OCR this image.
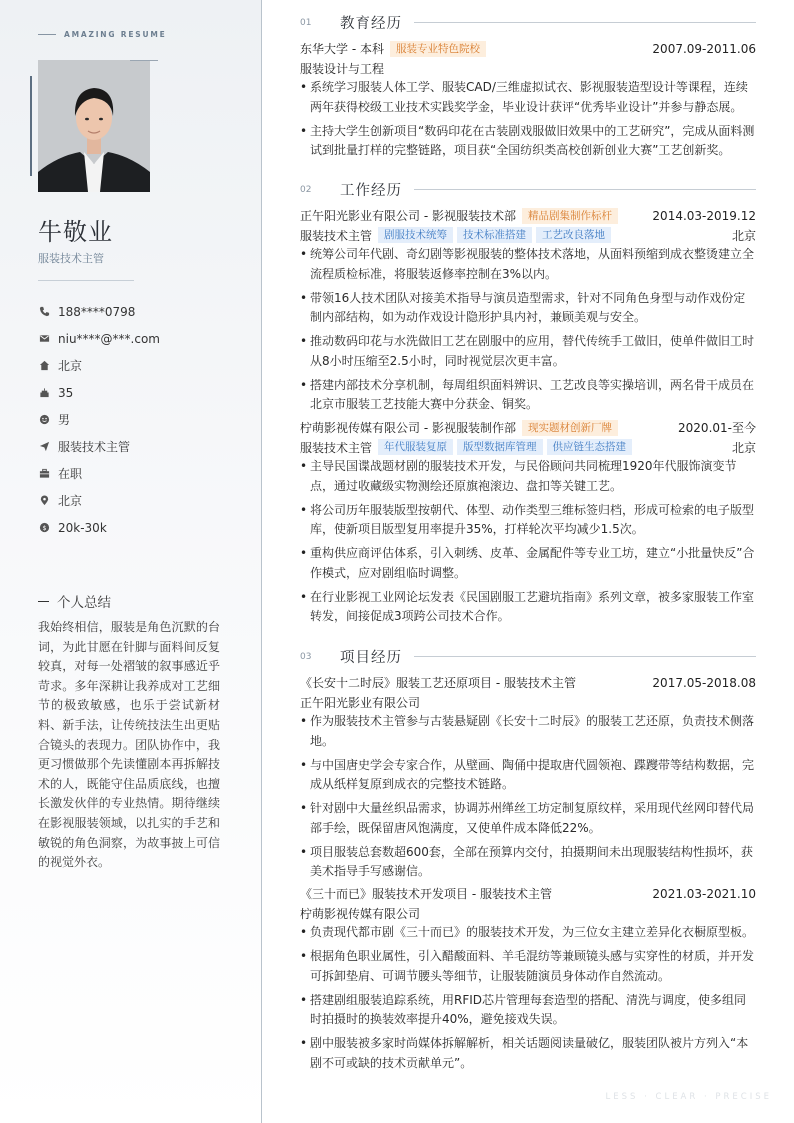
AMAZING RESUME
牛敬业
服装技术主管
188****0798
niu****@***.com
北京
35
男
服装技术主管
在职
北京
$ 20k-30k
个人总结
我始终相信，服装是角色沉默的台词，为此甘愿在针脚与面料间反复较真，对每一处褶皱的叙事感近乎苛求。多年深耕让我养成对工艺细节的极致敏感，也乐于尝试新材料、新手法，让传统技法生出更贴合镜头的表现力。团队协作中，我更习惯做那个先读懂剧本再拆解技术的人，既能守住品质底线，也擅长激发伙伴的专业热情。期待继续在影视服装领域，以扎实的手艺和敏锐的角色洞察，为故事披上可信的视觉外衣。
01	教育经历
东华大学 - 本科	服装专业特色院校	2007.09-2011.06
服装设计与工程
• 系统学习服装人体工学、服装CAD/三维虚拟试衣、影视服装造型设计等课程，连续两年获得校级工业技术实践奖学金，毕业设计获评“优秀毕业设计”并参与静态展。
• 主持大学生创新项目“数码印花在古装剧戏服做旧效果中的工艺研究”，完成从面料测试到批量打样的完整链路，项目获“全国纺织类高校创新创业大赛”工艺创新奖。
02	工作经历
正午阳光影业有限公司 - 影视服装技术部	精品剧集制作标杆	2014.03-2019.12
服装技术主管	剧服技术统筹	技术标准搭建	工艺改良落地	北京
• 统筹公司年代剧、奇幻剧等影视服装的整体技术落地，从面料预缩到成衣整烫建立全流程质检标准，将服装返修率控制在3%以内。
• 带领16人技术团队对接美术指导与演员造型需求，针对不同角色身型与动作戏份定制内部结构，如为动作戏设计隐形护具内衬，兼顾美观与安全。
• 推动数码印花与水洗做旧工艺在剧服中的应用，替代传统手工做旧，使单件做旧工时从8小时压缩至2.5小时，同时视觉层次更丰富。
• 搭建内部技术分享机制，每周组织面料辨识、工艺改良等实操培训，两名骨干成员在北京市服装工艺技能大赛中分获金、铜奖。
柠萌影视传媒有限公司 - 影视服装制作部	现实题材创新厂牌	2020.01-至今
服装技术主管	年代服装复原	版型数据库管理	供应链生态搭建	北京
• 主导民国谍战题材剧的服装技术开发，与民俗顾问共同梳理1920年代服饰演变节点，通过收藏级实物测绘还原旗袍滚边、盘扣等关键工艺。
• 将公司历年服装版型按朝代、体型、动作类型三维标签归档，形成可检索的电子版型库，使新项目版型复用率提升35%，打样轮次平均减少1.5次。
• 重构供应商评估体系，引入刺绣、皮革、金属配件等专业工坊，建立“小批量快反”合作模式，应对剧组临时调整。
• 在行业影视工业网论坛发表《民国剧服工艺避坑指南》系列文章，被多家服装工作室转发，间接促成3项跨公司技术合作。
03	项目经历
《长安十二时辰》服装工艺还原项目 - 服装技术主管	2017.05-2018.08
正午阳光影业有限公司
• 作为服装技术主管参与古装悬疑剧《长安十二时辰》的服装工艺还原，负责技术侧落地。
• 与中国唐史学会专家合作，从壁画、陶俑中提取唐代圆领袍、蹀躞带等结构数据，完成从纸样复原到成衣的完整技术链路。
• 针对剧中大量丝织品需求，协调苏州缂丝工坊定制复原纹样，采用现代丝网印替代局部手绘，既保留唐风饱满度，又使单件成本降低22%。
• 项目服装总套数超600套，全部在预算内交付，拍摄期间未出现服装结构性损坏，获美术指导手写感谢信。
《三十而已》服装技术开发项目 - 服装技术主管	2021.03-2021.10
柠萌影视传媒有限公司
• 负责现代都市剧《三十而已》的服装技术开发，为三位女主建立差异化衣橱原型板。
• 根据角色职业属性，引入醋酸面料、羊毛混纺等兼顾镜头感与实穿性的材质，并开发可拆卸垫肩、可调节腰头等细节，让服装随演员身体动作自然流动。
• 搭建剧组服装追踪系统，用RFID芯片管理每套造型的搭配、清洗与调度，使多组同时拍摄时的换装效率提升40%，避免接戏失误。
• 剧中服装被多家时尚媒体拆解解析，相关话题阅读量破亿，服装团队被片方列入“本剧不可或缺的技术贡献单元”。
LESS · CLEAR · PRECISE
